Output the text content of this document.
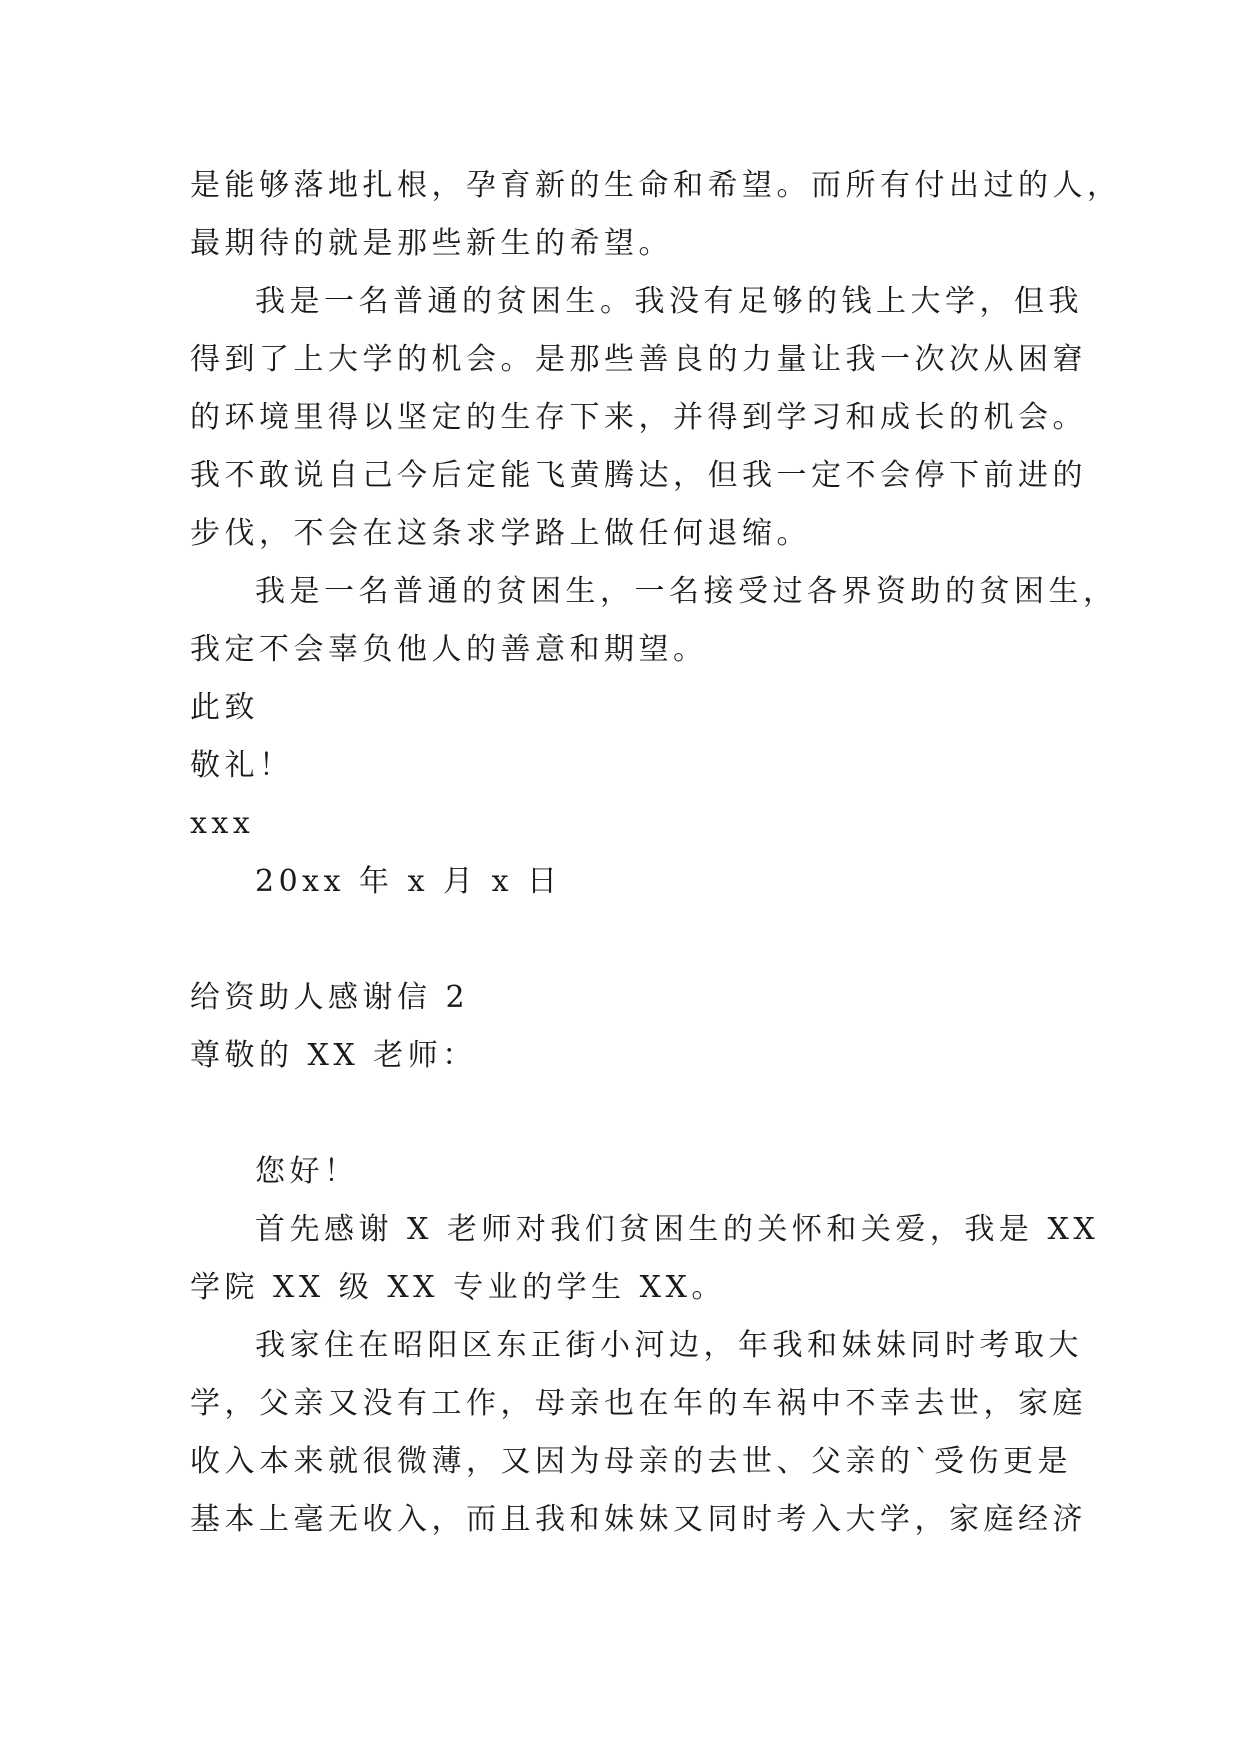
是能够落地扎根，孕育新的生命和希望。而所有付出过的人，
最期待的就是那些新生的希望。
我是一名普通的贫困生。我没有足够的钱上大学，但我
得到了上大学的机会。是那些善良的力量让我一次次从困窘
的环境里得以坚定的生存下来，并得到学习和成长的机会。
我不敢说自己今后定能飞黄腾达，但我一定不会停下前进的
步伐，不会在这条求学路上做任何退缩。
我是一名普通的贫困生，一名接受过各界资助的贫困生，
我定不会辜负他人的善意和期望。
此致
敬礼！
xxx
20xx 年 x 月 x 日
给资助人感谢信 2
尊敬的 XX 老师：
您好！
首先感谢 X 老师对我们贫困生的关怀和关爱，我是 XX
学院 XX 级 XX 专业的学生 XX。
我家住在昭阳区东正街小河边，年我和妹妹同时考取大
学，父亲又没有工作，母亲也在年的车祸中不幸去世，家庭
收入本来就很微薄，又因为母亲的去世、父亲的`受伤更是
基本上毫无收入，而且我和妹妹又同时考入大学，家庭经济
